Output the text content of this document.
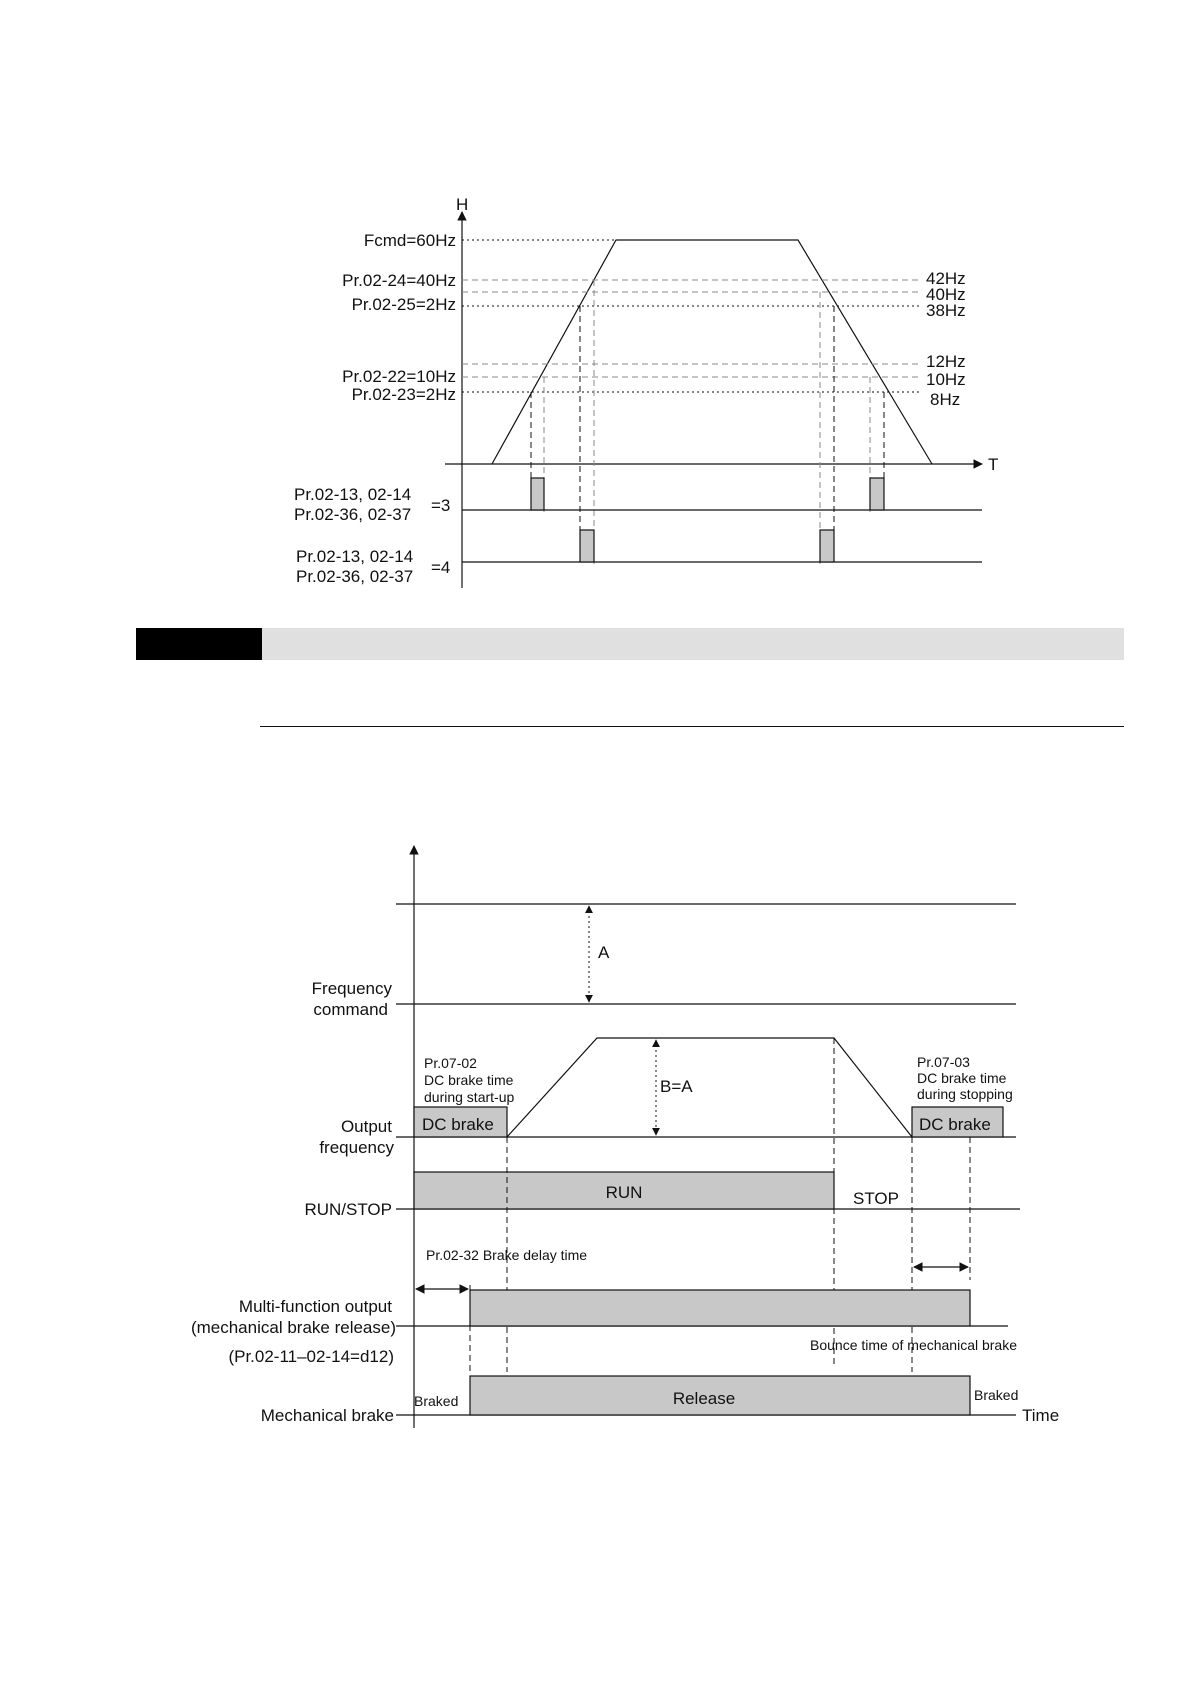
H
T
Fcmd=60Hz
Pr.02-24=40Hz
Pr.02-25=2Hz
Pr.02-22=10Hz
Pr.02-23=2Hz
42Hz
40Hz
38Hz
12Hz
10Hz
8Hz
Pr.02-13, 02-14
Pr.02-36, 02-37 =3
Pr.02-13, 02-14
Pr.02-36, 02-37 =4
A
B=A
DC brake	DC brake
Pr.07-02
DC brake time
during start-up
Pr.07-03
DC brake time
during stopping
RUN	STOP
Pr.02-32 Brake delay time
Bounce time of mechanical brake
Release
Braked	Braked
Time
Frequency
command
Output
frequency
RUN/STOP
Multi-function output
(mechanical brake release)
(Pr.02-11–02-14=d12)
Mechanical brake
